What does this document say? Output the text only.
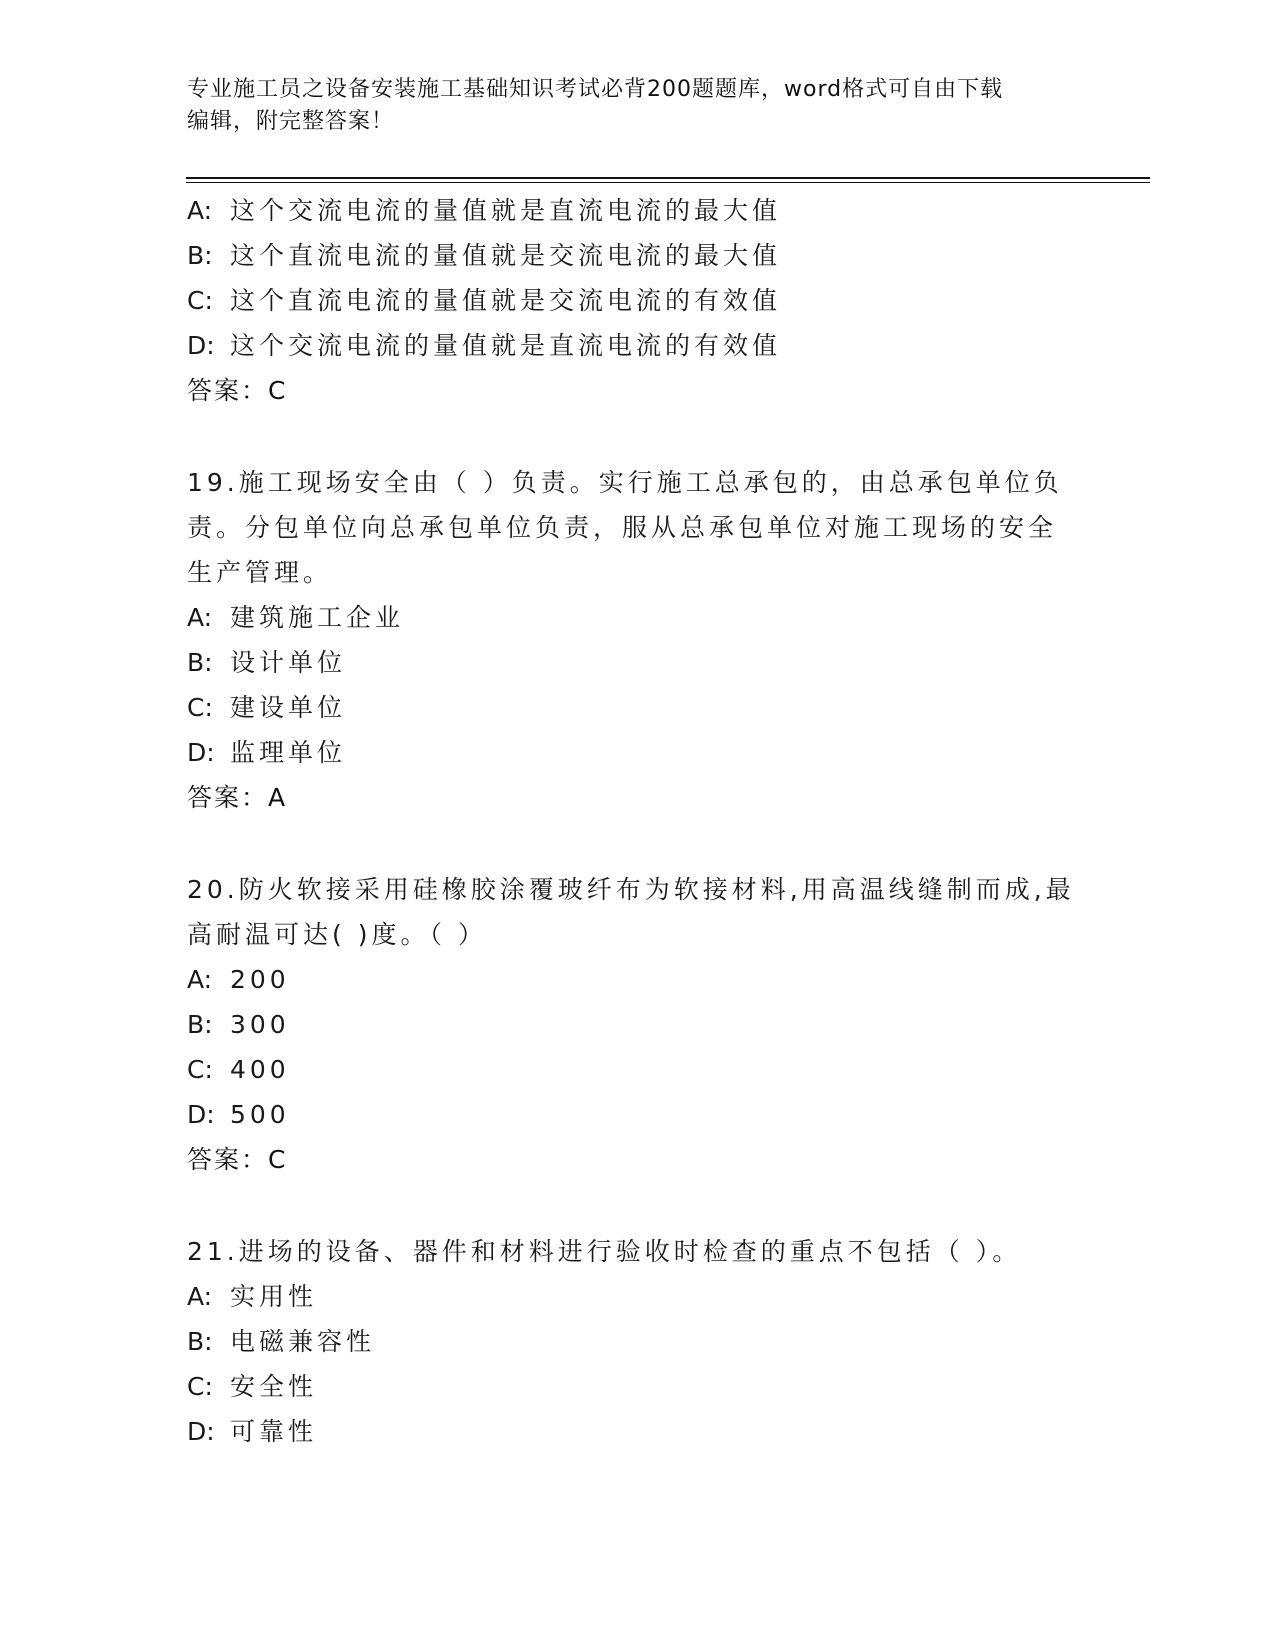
专业施工员之设备安装施工基础知识考试必背200题题库，word格式可自由下载
编辑，附完整答案！
A: 这个交流电流的量值就是直流电流的最大值
B: 这个直流电流的量值就是交流电流的最大值
C: 这个直流电流的量值就是交流电流的有效值
D: 这个交流电流的量值就是直流电流的有效值
答案：C
19.施工现场安全由（ ）负责。实行施工总承包的，由总承包单位负
责。分包单位向总承包单位负责，服从总承包单位对施工现场的安全
生产管理。
A: 建筑施工企业
B: 设计单位
C: 建设单位
D: 监理单位
答案：A
20.防火软接采用硅橡胶涂覆玻纤布为软接材料,用高温线缝制而成,最
高耐温可达( )度。（ ）
A: 200
B: 300
C: 400
D: 500
答案：C
21.进场的设备、器件和材料进行验收时检查的重点不包括（ ）。
A: 实用性
B: 电磁兼容性
C: 安全性
D: 可靠性
